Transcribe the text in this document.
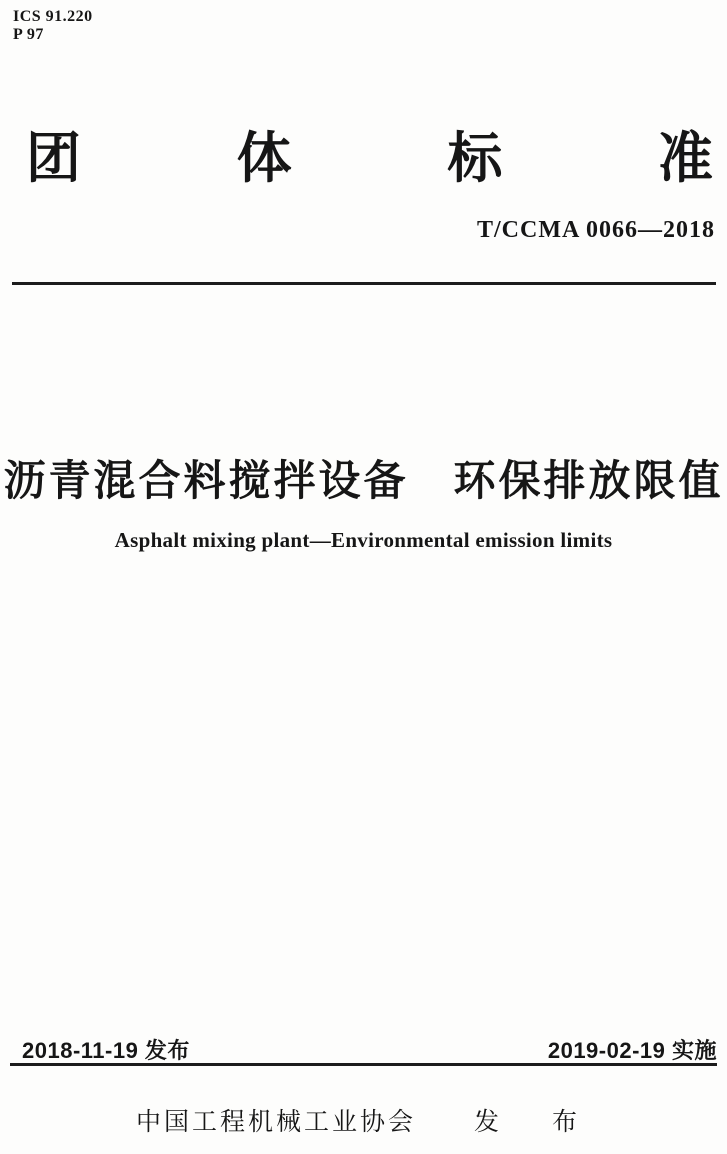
ICS 91.220
P 97
团	体	标	准
T/CCMA 0066—2018
沥青混合料搅拌设备　环保排放限值
Asphalt mixing plant—Environmental emission limits
2018-11-19 发布	2019-02-19 实施
中国工程机械工业协会 发　布
